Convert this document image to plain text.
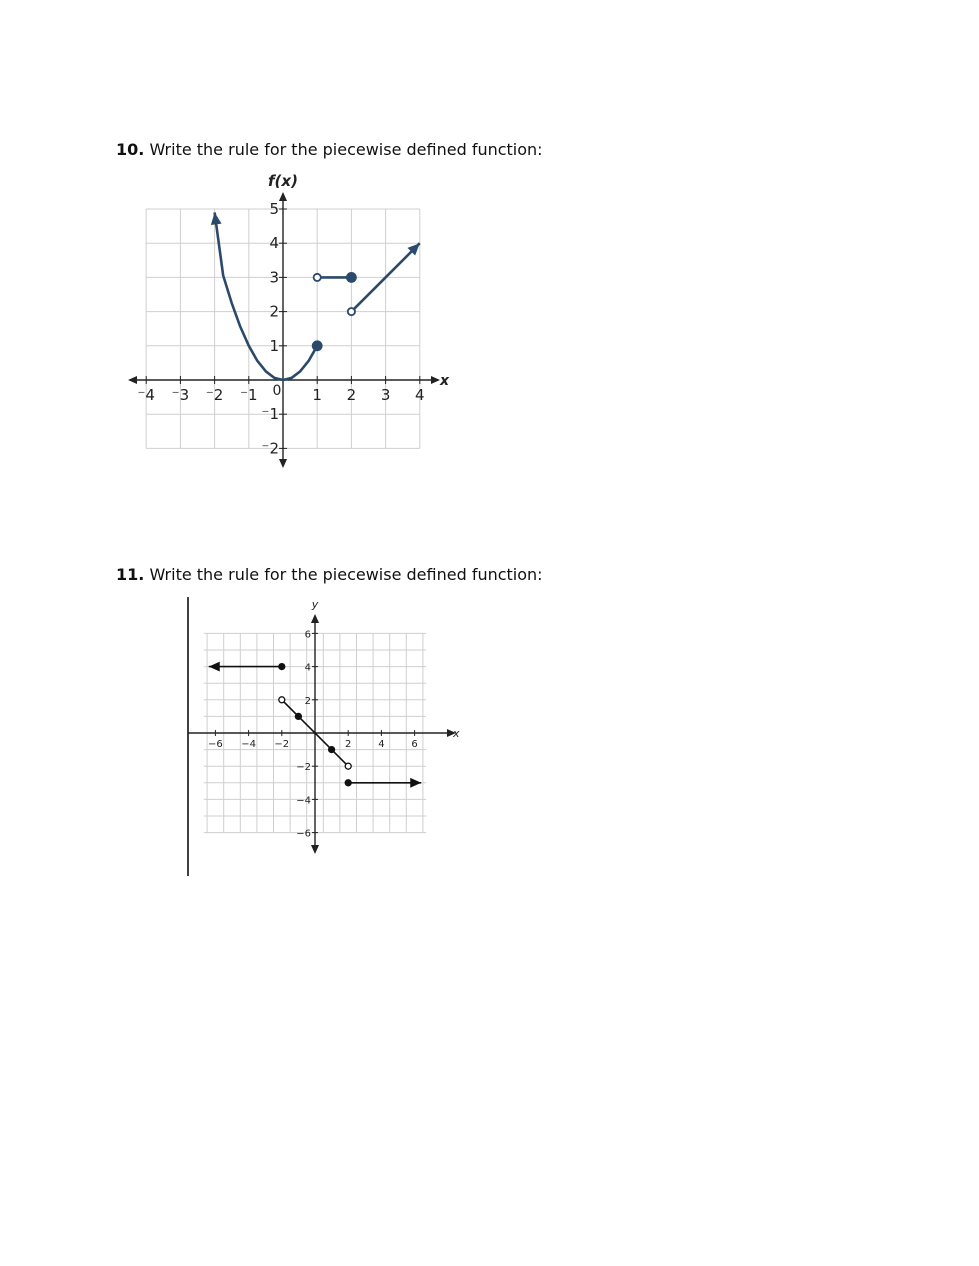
10. Write the rule for the piecewise defined function:

f(x)
x
⁻4 ⁻3 ⁻2 ⁻1	1 2 3 4
5
4
3
2
1
⁻1
⁻2
0

11. Write the rule for the piecewise defined function:

y
x
−6 −4 −2	2	4	6
6
4
2
−2
−4
−6
